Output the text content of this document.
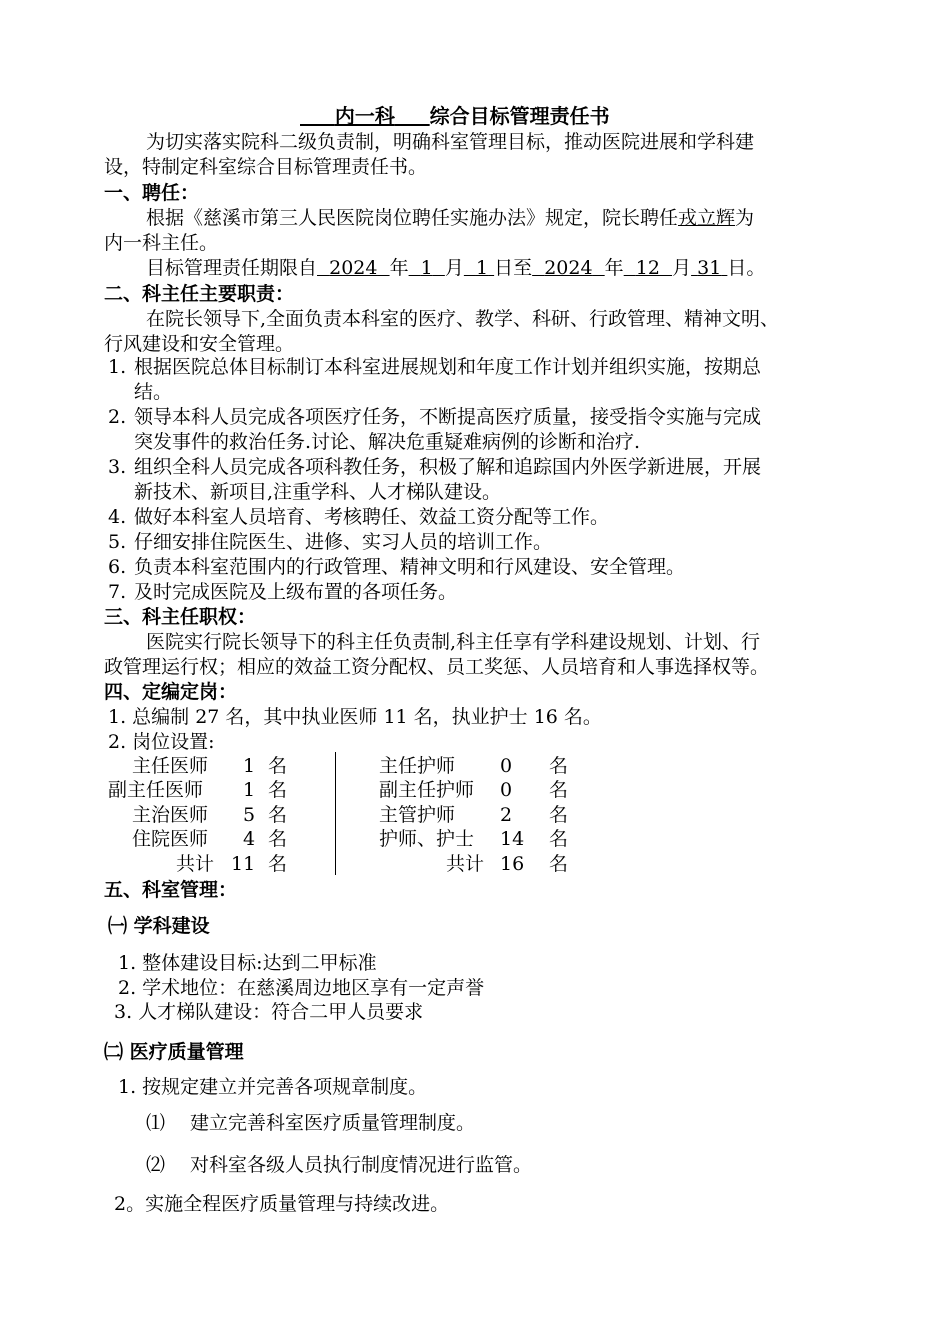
内一科 综合目标管理责任书
为切实落实院科二级负责制，明确科室管理目标，推动医院进展和学科建
设，特制定科室综合目标管理责任书。
一、聘任：
根据《慈溪市第三人民医院岗位聘任实施办法》规定，院长聘任戎立辉为
内一科主任。
目标管理责任期限自 2024 年 1 月 1 日至 2024 年 12 月 31 日。
二、科主任主要职责：
在院长领导下,全面负责本科室的医疗、教学、科研、行政管理、精神文明、
行风建设和安全管理。
1. 根据医院总体目标制订本科室进展规划和年度工作计划并组织实施，按期总
结。
2. 领导本科人员完成各项医疗任务，不断提高医疗质量，接受指令实施与完成
突发事件的救治任务.讨论、解决危重疑难病例的诊断和治疗.
3. 组织全科人员完成各项科教任务，积极了解和追踪国内外医学新进展，开展
新技术、新项目,注重学科、人才梯队建设。
4. 做好本科室人员培育、考核聘任、效益工资分配等工作。
5. 仔细安排住院医生、进修、实习人员的培训工作。
6. 负责本科室范围内的行政管理、精神文明和行风建设、安全管理。
7. 及时完成医院及上级布置的各项任务。
三、科主任职权：
医院实行院长领导下的科主任负责制,科主任享有学科建设规划、计划、行
政管理运行权；相应的效益工资分配权、员工奖惩、人员培育和人事选择权等。
四、定编定岗：
1. 总编制 27 名，其中执业医师 11 名，执业护士 16 名。
2. 岗位设置:
主任医师 1 名
副主任医师 1 名
主治医师 5 名
住院医师 4 名
共计 11 名
主任护师 0 名
副主任护师 0 名
主管护师 2 名
护师、护士 14 名
共计 16 名
五、科室管理：
㈠ 学科建设
1. 整体建设目标:达到二甲标准
2. 学术地位：在慈溪周边地区享有一定声誉
3. 人才梯队建设：符合二甲人员要求
㈡ 医疗质量管理
1. 按规定建立并完善各项规章制度。
⑴ 建立完善科室医疗质量管理制度。
⑵ 对科室各级人员执行制度情况进行监管。
2。实施全程医疗质量管理与持续改进。
